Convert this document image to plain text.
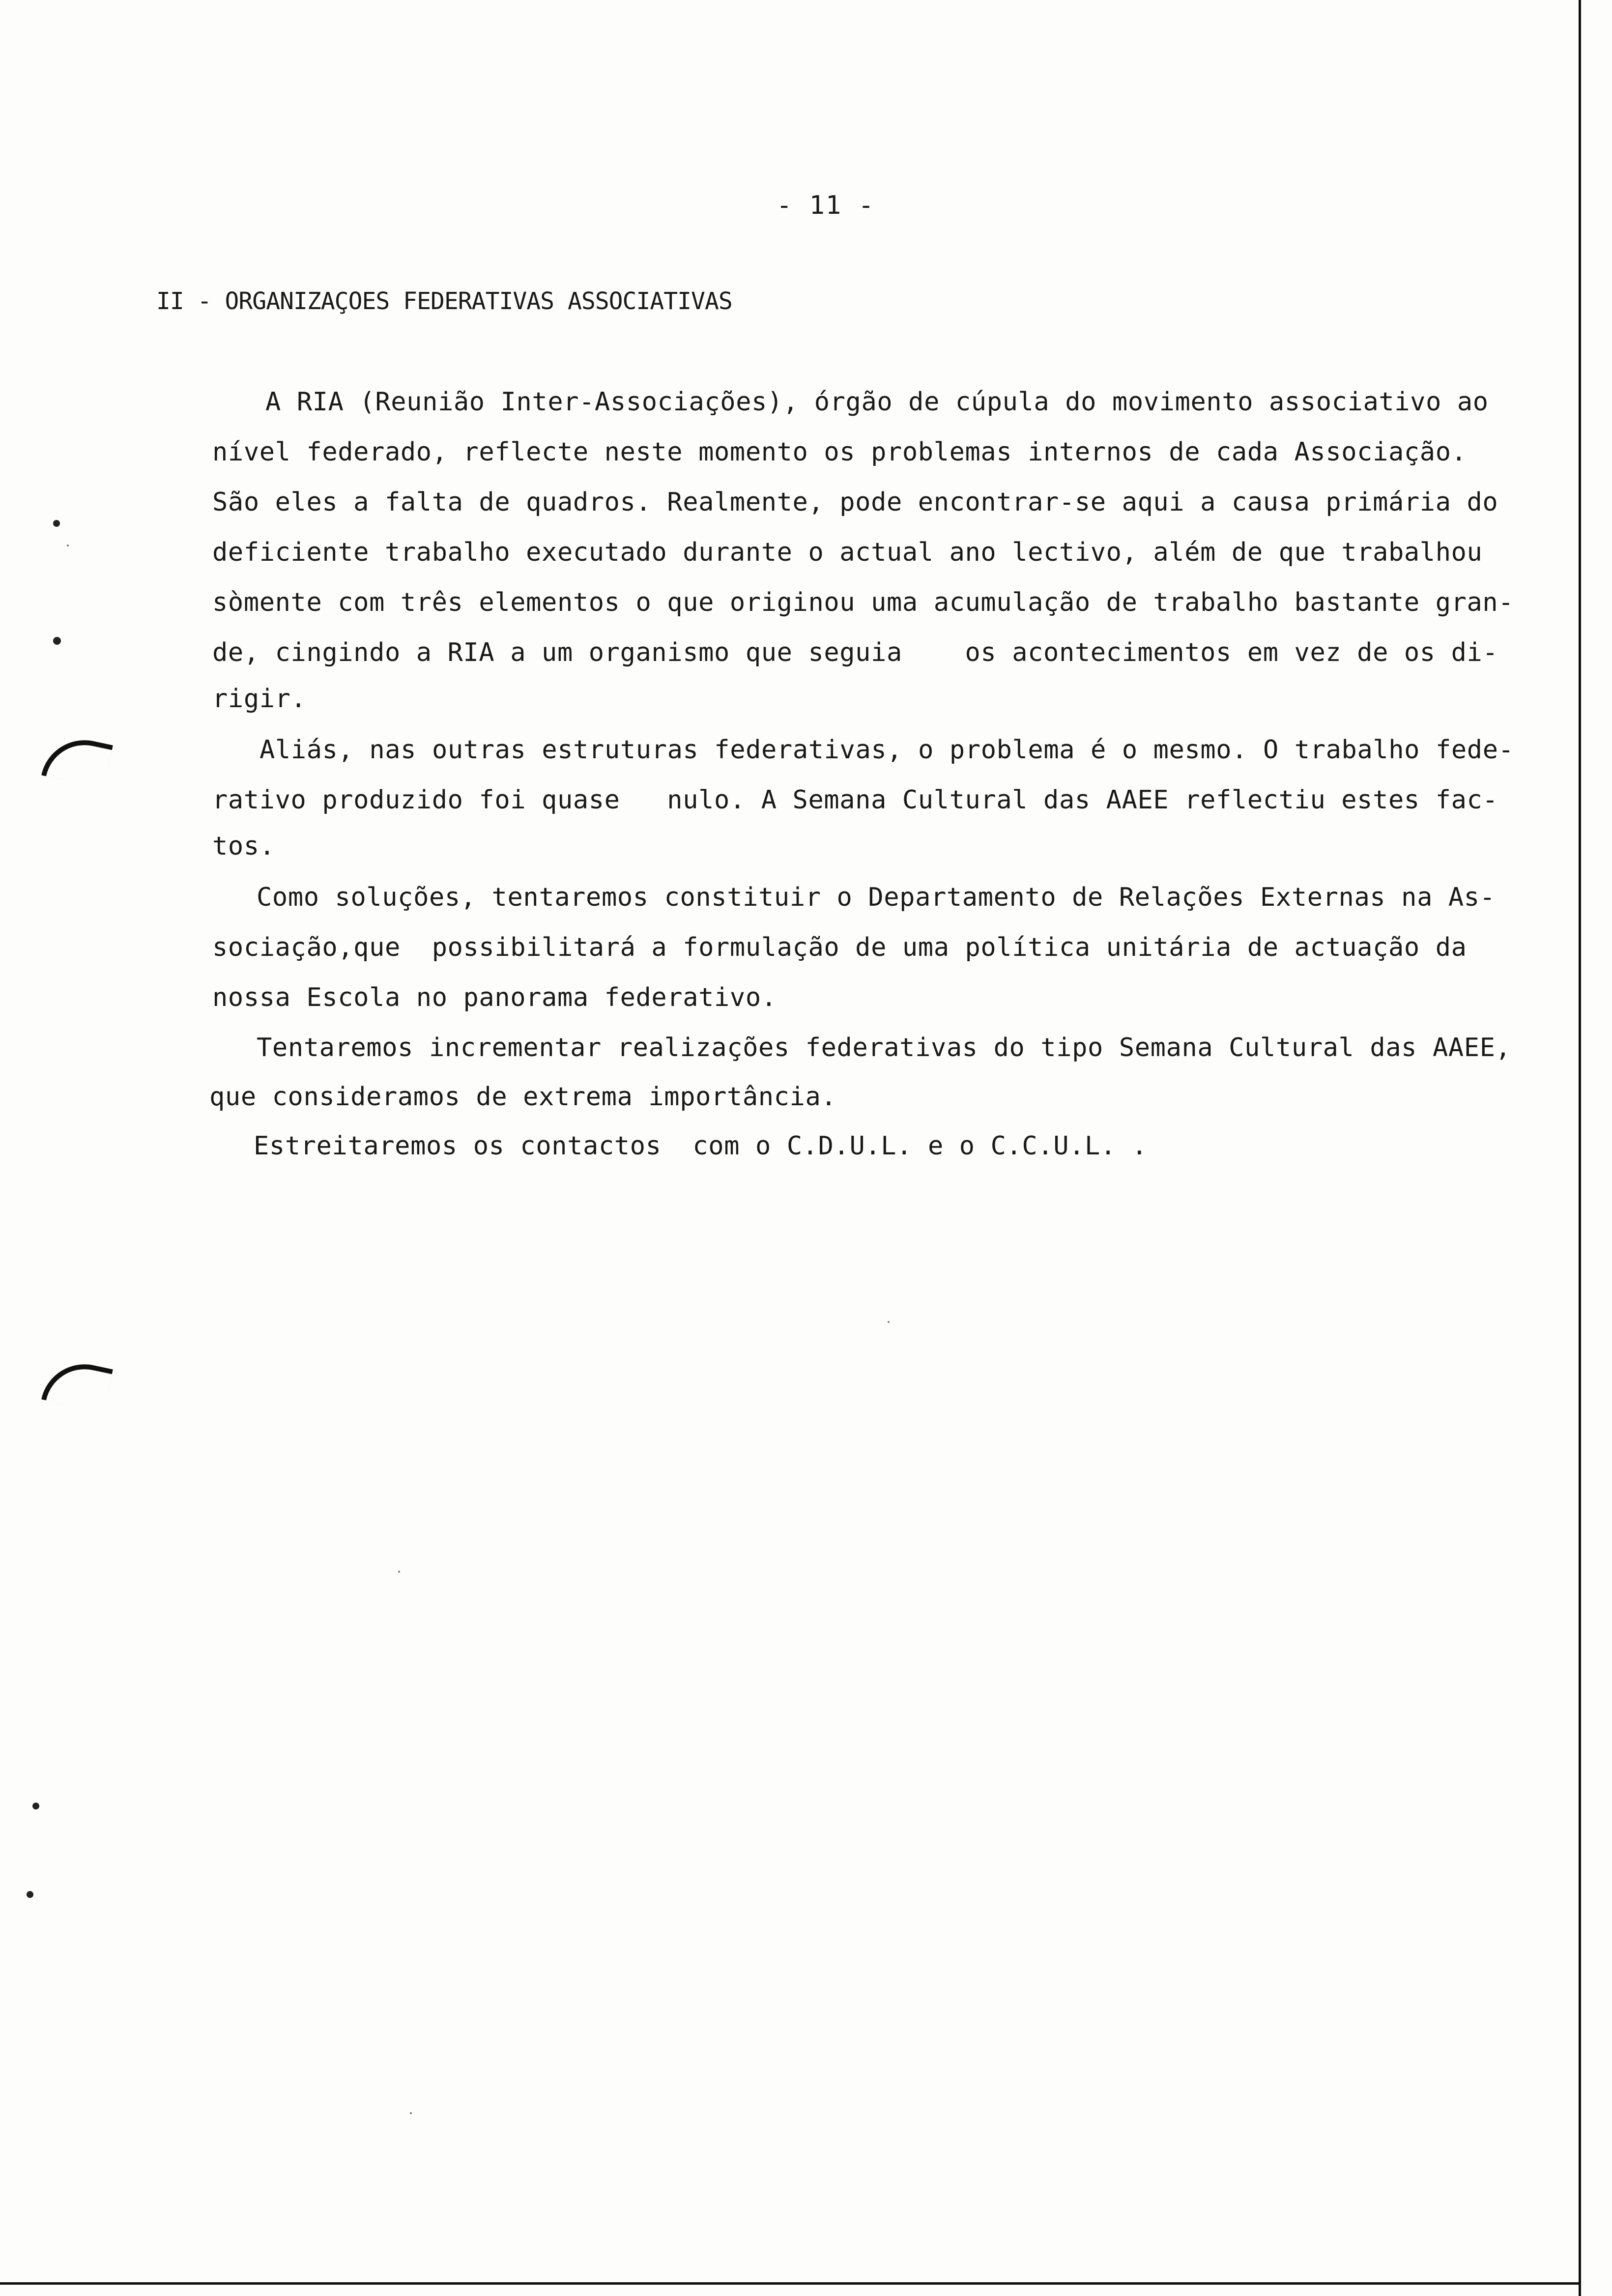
- 11 -
II - ORGANIZAÇOES FEDERATIVAS ASSOCIATIVAS
A RIA (Reunião Inter-Associações), órgão de cúpula do movimento associativo ao
nível federado, reflecte neste momento os problemas internos de cada Associação.
São eles a falta de quadros. Realmente, pode encontrar-se aqui a causa primária do
deficiente trabalho executado durante o actual ano lectivo, além de que trabalhou
sòmente com três elementos o que originou uma acumulação de trabalho bastante gran-
de, cingindo a RIA a um organismo que seguia    os acontecimentos em vez de os di-
rigir.
Aliás, nas outras estruturas federativas, o problema é o mesmo. O trabalho fede-
rativo produzido foi quase   nulo. A Semana Cultural das AAEE reflectiu estes fac-
tos.
Como soluções, tentaremos constituir o Departamento de Relações Externas na As-
sociação,que  possibilitará a formulação de uma política unitária de actuação da
nossa Escola no panorama federativo.
Tentaremos incrementar realizações federativas do tipo Semana Cultural das AAEE,
que consideramos de extrema importância.
Estreitaremos os contactos  com o C.D.U.L. e o C.C.U.L. .
